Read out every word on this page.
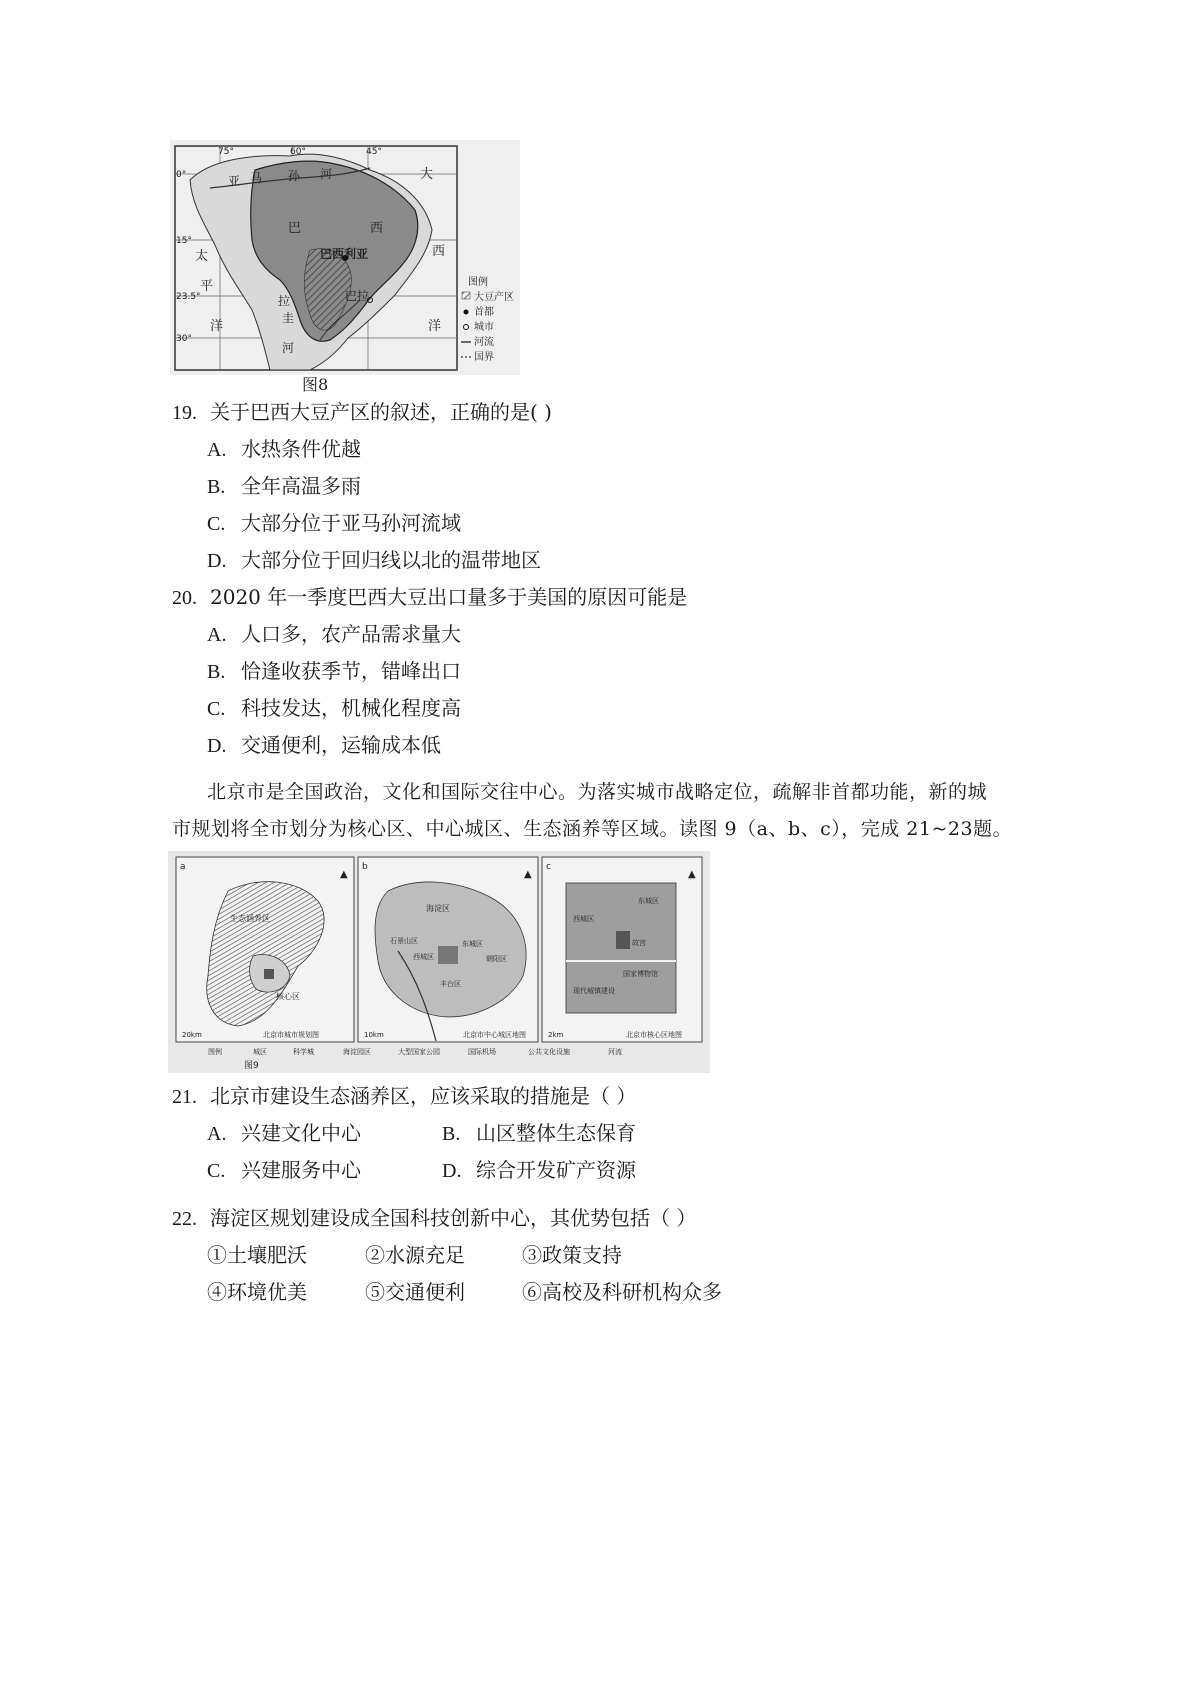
75°	60°	45°
0°
15°
23.5°
30°
亚 马 孙 河
巴	西
大
西
洋
太
平
洋
拉
圭
河
巴拉
巴西利亚
图例
大豆产区
首都
城市
河流
国界
图8
19. 关于巴西大豆产区的叙述，正确的是( )
A. 水热条件优越
B. 全年高温多雨
C. 大部分位于亚马孙河流域
D. 大部分位于回归线以北的温带地区
20. 2020 年一季度巴西大豆出口量多于美国的原因可能是
A. 人口多，农产品需求量大
B. 恰逢收获季节，错峰出口
C. 科技发达，机械化程度高
D. 交通便利，运输成本低
北京市是全国政治，文化和国际交往中心。为落实城市战略定位，疏解非首都功能，新的城
市规划将全市划分为核心区、中心城区、生态涵养等区域。读图 9（a、b、c），完成 21~23题。
a
生态涵养区
核心区
北京市城市规划图
20km
▲
b
海淀区
石景山区
西城区
东城区
朝阳区
丰台区
北京市中心城区地图
10km
▲
c
西城区
东城区
故宫
国家博物馆
现代城镇建设
北京市核心区地图
2km
▲
图例	城区	科学城	海淀园区	大型国家公园	国际机场	公共文化设施	河流
图9
21. 北京市建设生态涵养区，应该采取的措施是（ ）
A. 兴建文化中心	B. 山区整体生态保育
C. 兴建服务中心	D. 综合开发矿产资源
22. 海淀区规划建设成全国科技创新中心，其优势包括（ ）
①土壤肥沃	②水源充足	③政策支持
④环境优美	⑤交通便利	⑥高校及科研机构众多
